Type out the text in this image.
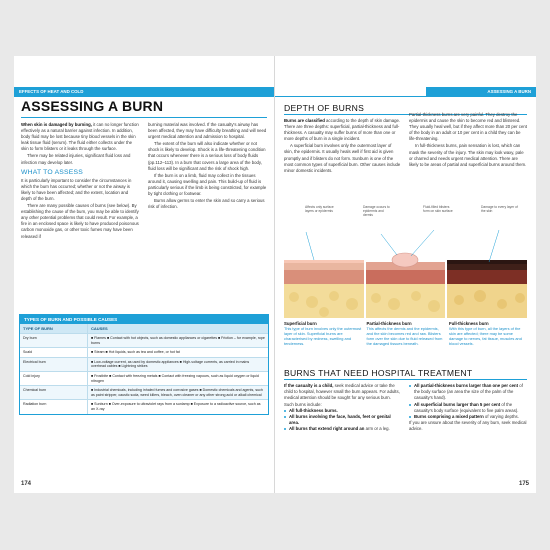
EFFECTS OF HEAT AND COLD
ASSESSING A BURN

When skin is damaged by burning, it can no longer function effectively as a natural barrier against infection. In addition, body fluid may be lost because tiny blood vessels in the skin leak tissue fluid (serum). The fluid either collects under the skin to form blisters or it leaks through the surface.

There may be related injuries, significant fluid loss and infection may develop later.

WHAT TO ASSESS

It is particularly important to consider the circumstances in which the burn has occurred; whether or not the airway is likely to have been affected; and the extent, location and depth of the burn.

There are many possible causes of burns (see below). By establishing the cause of the burn, you may be able to identify any other potential problems that could result. For example, a fire in an enclosed space is likely to have produced poisonous carbon monoxide gas, or other toxic fumes may have been released if

burning material was involved. If the casualty's airway has been affected, they may have difficulty breathing and will need urgent medical attention and admission to hospital.

The extent of the burn will also indicate whether or not shock is likely to develop. Shock is a life-threatening condition that occurs whenever there is a serious loss of body fluids (pp.112–113). In a burn that covers a large area of the body, fluid loss will be significant and the risk of shock high.

If the burn is on a limb, fluid may collect in the tissues around it, causing swelling and pain. This build-up of fluid is particularly serious if the limb is being constricted, for example by tight clothing or footwear.

Burns allow germs to enter the skin and so carry a serious risk of infection.

TYPES OF BURN AND POSSIBLE CAUSES
TYPE OF BURN	CAUSES
Dry burn	■ Flames ■ Contact with hot objects, such as domestic appliances or cigarettes ■ Friction – for example, rope burns
Scald	■ Steam ■ Hot liquids, such as tea and coffee, or hot fat
Electrical burn	■ Low-voltage current, as used by domestic appliances ■ High-voltage currents, as carried in mains overhead cables ■ Lightning strikes
Cold injury	■ Frostbite ■ Contact with freezing metals ■ Contact with freezing vapours, such as liquid oxygen or liquid nitrogen
Chemical burn	■ Industrial chemicals, including inhaled fumes and corrosive gases ■ Domestic chemicals and agents, such as paint stripper, caustic soda, weed killers, bleach, oven cleaner or any other strong acid or alkali chemical
Radiation burn	■ Sunburn ■ Over-exposure to ultraviolet rays from a sunlamp ■ Exposure to a radioactive source, such as an X-ray
174
ASSESSING A BURN
DEPTH OF BURNS

Burns are classified according to the depth of skin damage. There are three depths: superficial, partial-thickness and full-thickness. A casualty may suffer burns of more than one or more depths of burn in a single incident.

A superficial burn involves only the outermost layer of skin, the epidermis. It usually heals well if first aid is given promptly and if blisters do not form. Sunburn is one of the most common types of superficial burn. Other causes include minor domestic incidents.

Partial-thickness burns are very painful. They destroy the epidermis and cause the skin to become red and blistered. They usually heal well, but if they affect more than 20 per cent of the body in an adult or 10 per cent in a child they can be life-threatening.

In full-thickness burns, pain sensation is lost, which can mask the severity of the injury. The skin may look waxy, pale or charred and needs urgent medical attention. There are likely to be areas of partial and superficial burns around them.

Affects only surface layers or epidermis
Damage occurs to epidermis and dermis
Fluid-filled blisters form on skin surface
Damage to every layer of the skin
Superficial burn
This type of burn involves only the outermost layer of skin. Superficial burns are characterised by redness, swelling and tenderness.
Partial-thickness burn
This affects the dermis and the epidermis, and the skin becomes red and raw. Blisters form over the skin due to fluid released from the damaged tissues beneath.
Full-thickness burn
With this type of burn, all the layers of the skin are affected; there may be some damage to nerves, fat tissue, muscles and blood vessels.
BURNS THAT NEED HOSPITAL TREATMENT

If the casualty is a child, seek medical advice or take the child to hospital, however small the burn appears. For adults, medical attention should be sought for any serious burn. Such burns include:

All full-thickness burns.
All burns involving the face, hands, feet or genital area.
All burns that extend right around an arm or a leg.
All partial-thickness burns larger than one per cent of the body surface (an area the size of the palm of the casualty's hand).
All superficial burns larger than 5 per cent of the casualty's body surface (equivalent to five palm areas).
Burns comprising a mixed pattern of varying depths.

If you are unsure about the severity of any burn, seek medical advice.

175
